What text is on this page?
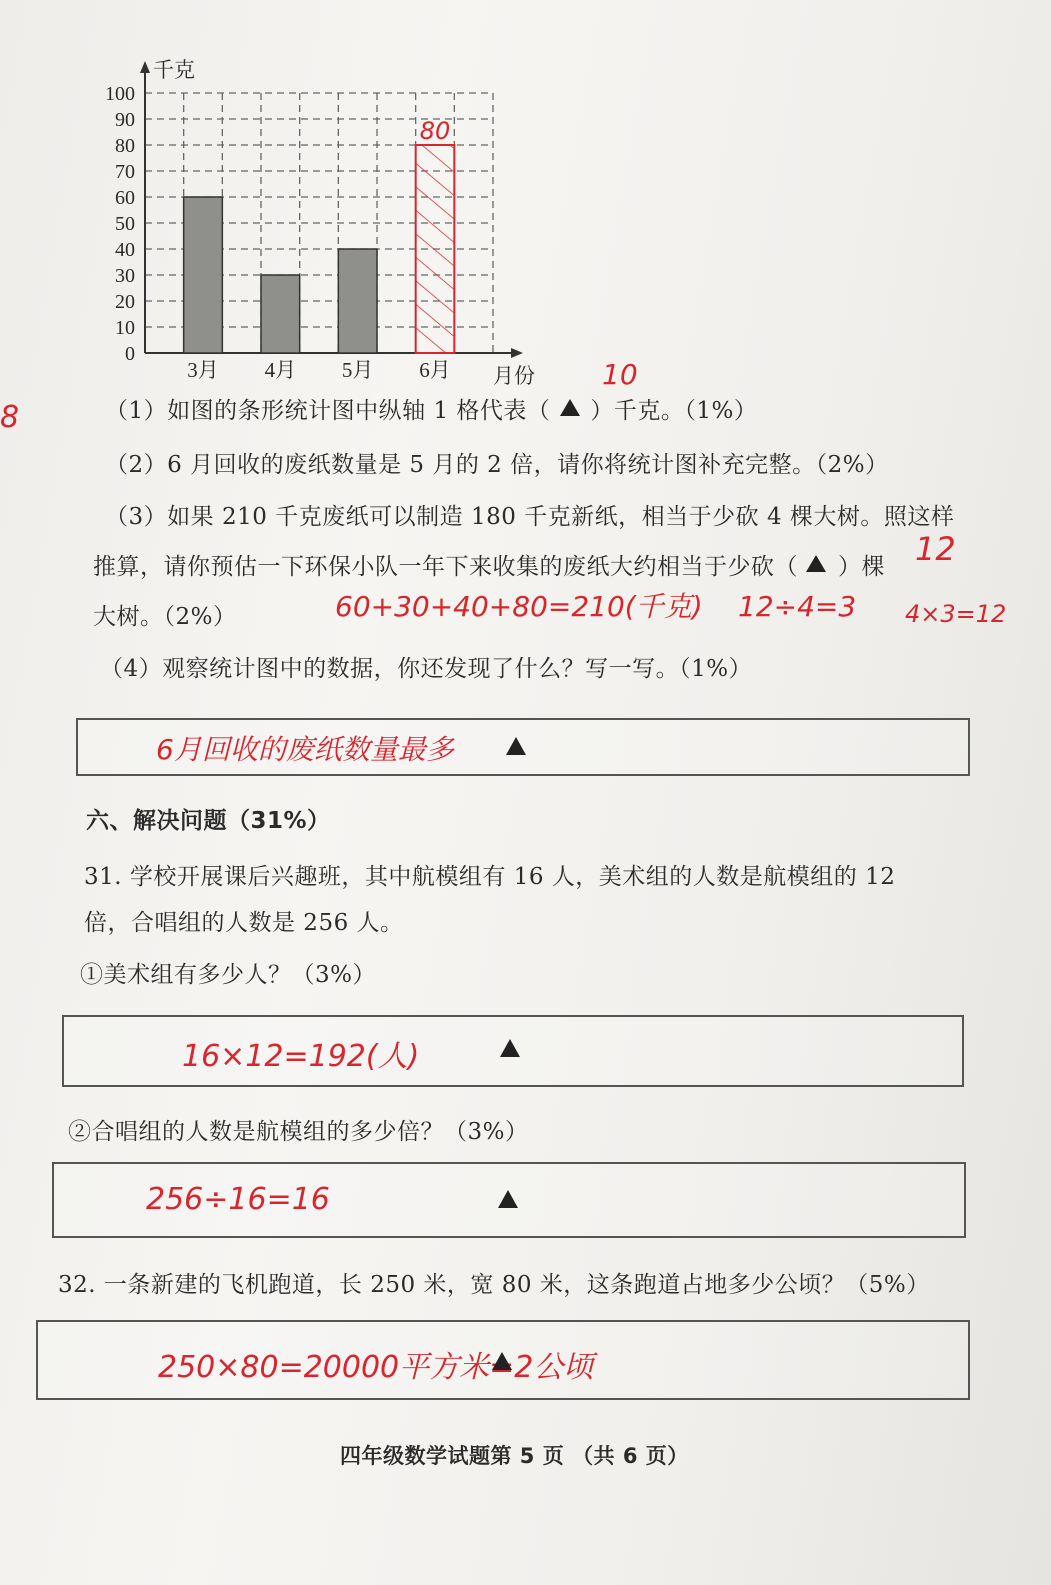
0
10
20
30
40
50
60
70
80
90
100
千克
月份
3月 4月 5月
80
6月
8	（1）如图的条形统计图中纵轴 1 格代表（ ）千克。（1%）
10
（2）6 月回收的废纸数量是 5 月的 2 倍，请你将统计图补充完整。（2%）
（3）如果 210 千克废纸可以制造 180 千克新纸，相当于少砍 4 棵大树。照这样
推算，请你预估一下环保小队一年下来收集的废纸大约相当于少砍（ ）棵 12
大树。（2%）	60+30+40+80=210(千克) 12÷4=3 4×3=12
（4）观察统计图中的数据，你还发现了什么？写一写。（1%）
6月回收的废纸数量最多
六、解决问题（31%）
31. 学校开展课后兴趣班，其中航模组有 16 人，美术组的人数是航模组的 12
倍，合唱组的人数是 256 人。
①美术组有多少人？（3%）
16×12=192(人)
②合唱组的人数是航模组的多少倍？（3%）
256÷16=16
32. 一条新建的飞机跑道，长 250 米，宽 80 米，这条跑道占地多少公顷？（5%）
250×80=20000平方米=2公顷
四年级数学试题第 5 页 （共 6 页）
